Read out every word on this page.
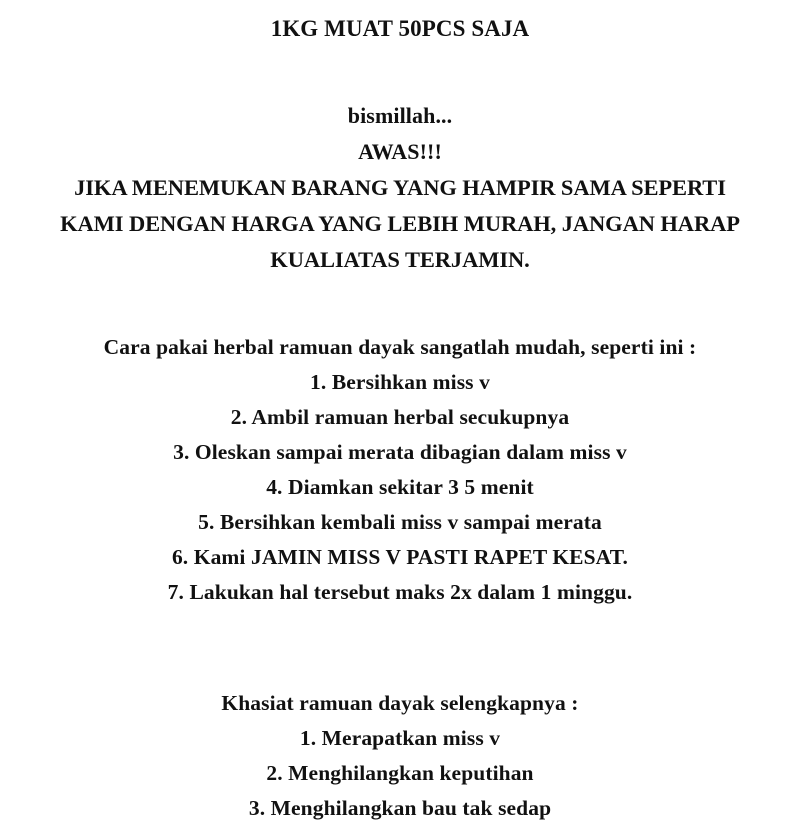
1KG MUAT 50PCS SAJA
bismillah...
AWAS!!!
JIKA MENEMUKAN BARANG YANG HAMPIR SAMA SEPERTI
KAMI DENGAN HARGA YANG LEBIH MURAH, JANGAN HARAP
KUALIATAS TERJAMIN.
Cara pakai herbal ramuan dayak sangatlah mudah, seperti ini :
1. Bersihkan miss v
2. Ambil ramuan herbal secukupnya
3. Oleskan sampai merata dibagian dalam miss v
4. Diamkan sekitar 3 5 menit
5. Bersihkan kembali miss v sampai merata
6. Kami JAMIN MISS V PASTI RAPET KESAT.
7. Lakukan hal tersebut maks 2x dalam 1 minggu.
Khasiat ramuan dayak selengkapnya :
1. Merapatkan miss v
2. Menghilangkan keputihan
3. Menghilangkan bau tak sedap
